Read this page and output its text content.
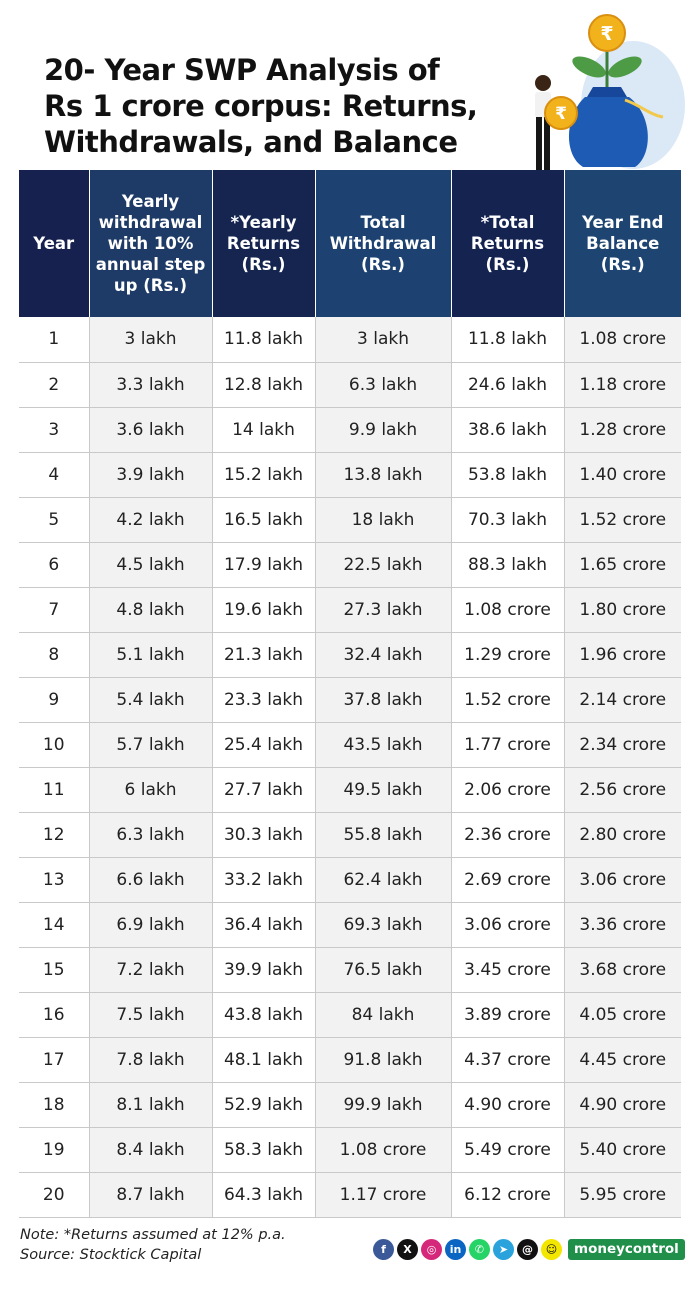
20- Year SWP Analysis of
Rs 1 crore corpus: Returns,
Withdrawals, and Balance
₹
₹
Year	Yearly withdrawal with 10% annual step up (Rs.)	*Yearly Returns (Rs.)	Total Withdrawal (Rs.)	*Total Returns (Rs.)	Year End Balance (Rs.)
1	3 lakh	11.8 lakh	3 lakh	11.8 lakh	1.08 crore
2	3.3 lakh	12.8 lakh	6.3 lakh	24.6 lakh	1.18 crore
3	3.6 lakh	14 lakh	9.9 lakh	38.6 lakh	1.28 crore
4	3.9 lakh	15.2 lakh	13.8 lakh	53.8 lakh	1.40 crore
5	4.2 lakh	16.5 lakh	18 lakh	70.3 lakh	1.52 crore
6	4.5 lakh	17.9 lakh	22.5 lakh	88.3 lakh	1.65 crore
7	4.8 lakh	19.6 lakh	27.3 lakh	1.08 crore	1.80 crore
8	5.1 lakh	21.3 lakh	32.4 lakh	1.29 crore	1.96 crore
9	5.4 lakh	23.3 lakh	37.8 lakh	1.52 crore	2.14 crore
10	5.7 lakh	25.4 lakh	43.5 lakh	1.77 crore	2.34 crore
11	6 lakh	27.7 lakh	49.5 lakh	2.06 crore	2.56 crore
12	6.3 lakh	30.3 lakh	55.8 lakh	2.36 crore	2.80 crore
13	6.6 lakh	33.2 lakh	62.4 lakh	2.69 crore	3.06 crore
14	6.9 lakh	36.4 lakh	69.3 lakh	3.06 crore	3.36 crore
15	7.2 lakh	39.9 lakh	76.5 lakh	3.45 crore	3.68 crore
16	7.5 lakh	43.8 lakh	84 lakh	3.89 crore	4.05 crore
17	7.8 lakh	48.1 lakh	91.8 lakh	4.37 crore	4.45 crore
18	8.1 lakh	52.9 lakh	99.9 lakh	4.90 crore	4.90 crore
19	8.4 lakh	58.3 lakh	1.08 crore	5.49 crore	5.40 crore
20	8.7 lakh	64.3 lakh	1.17 crore	6.12 crore	5.95 crore
Note: *Returns assumed at 12% p.a.
Source: Stocktick Capital	f	X	◎	in	✆	➤	@	☺	moneycontrol
